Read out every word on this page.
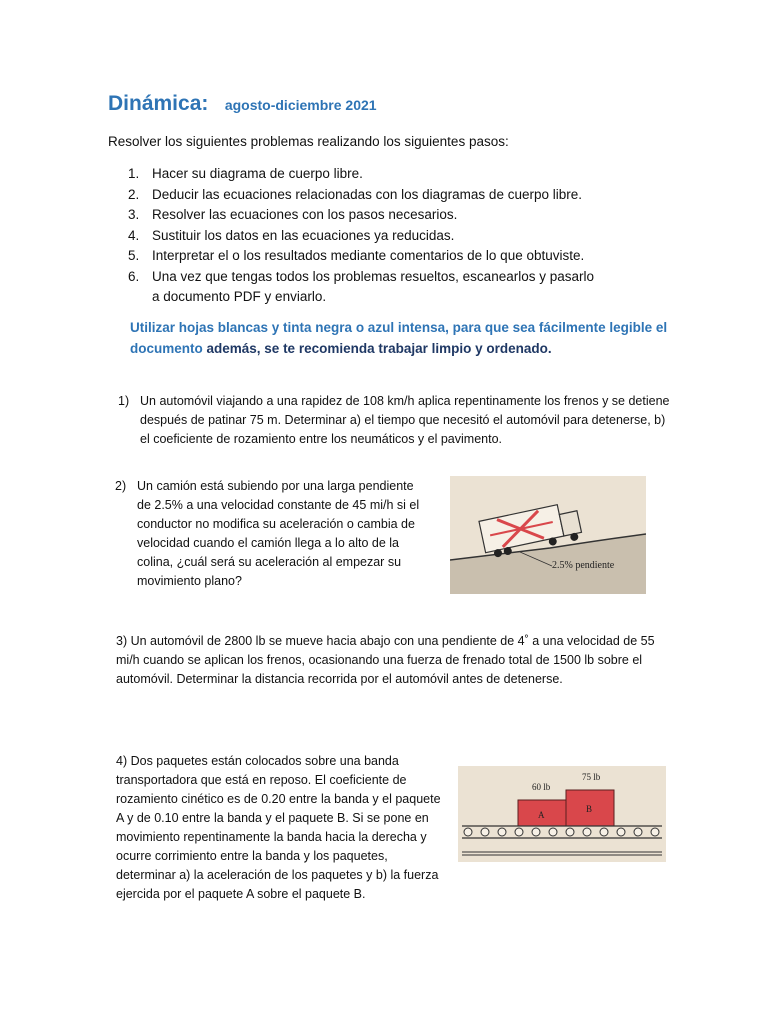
Dinámica: agosto-diciembre 2021
Resolver los siguientes problemas realizando los siguientes pasos:
1. Hacer su diagrama de cuerpo libre.
2. Deducir las ecuaciones relacionadas con los diagramas de cuerpo libre.
3. Resolver las ecuaciones con los pasos necesarios.
4. Sustituir los datos en las ecuaciones ya reducidas.
5. Interpretar el o los resultados mediante comentarios de lo que obtuviste.
6. Una vez que tengas todos los problemas resueltos, escanearlos y pasarlo a documento PDF y enviarlo.
Utilizar hojas blancas y tinta negra o azul intensa, para que sea fácilmente legible el documento además, se te recomienda trabajar limpio y ordenado.
1) Un automóvil viajando a una rapidez de 108 km/h aplica repentinamente los frenos y se detiene después de patinar 75 m. Determinar a) el tiempo que necesitó el automóvil para detenerse, b) el coeficiente de rozamiento entre los neumáticos y el pavimento.
2) Un camión está subiendo por una larga pendiente de 2.5% a una velocidad constante de 45 mi/h si el conductor no modifica su aceleración o cambia de velocidad cuando el camión llega a lo alto de la colina, ¿cuál será su aceleración al empezar su movimiento plano?
2.5% pendiente
3) Un automóvil de 2800 lb se mueve hacia abajo con una pendiente de 4˚ a una velocidad de 55 mi/h cuando se aplican los frenos, ocasionando una fuerza de frenado total de 1500 lb sobre el automóvil. Determinar la distancia recorrida por el automóvil antes de detenerse.
4) Dos paquetes están colocados sobre una banda transportadora que está en reposo. El coeficiente de rozamiento cinético es de 0.20 entre la banda y el paquete A y de 0.10 entre la banda y el paquete B. Si se pone en movimiento repentinamente la banda hacia la derecha y ocurre corrimiento entre la banda y los paquetes, determinar a) la aceleración de los paquetes y b) la fuerza ejercida por el paquete A sobre el paquete B.
60 lb
75 lb
A
B
